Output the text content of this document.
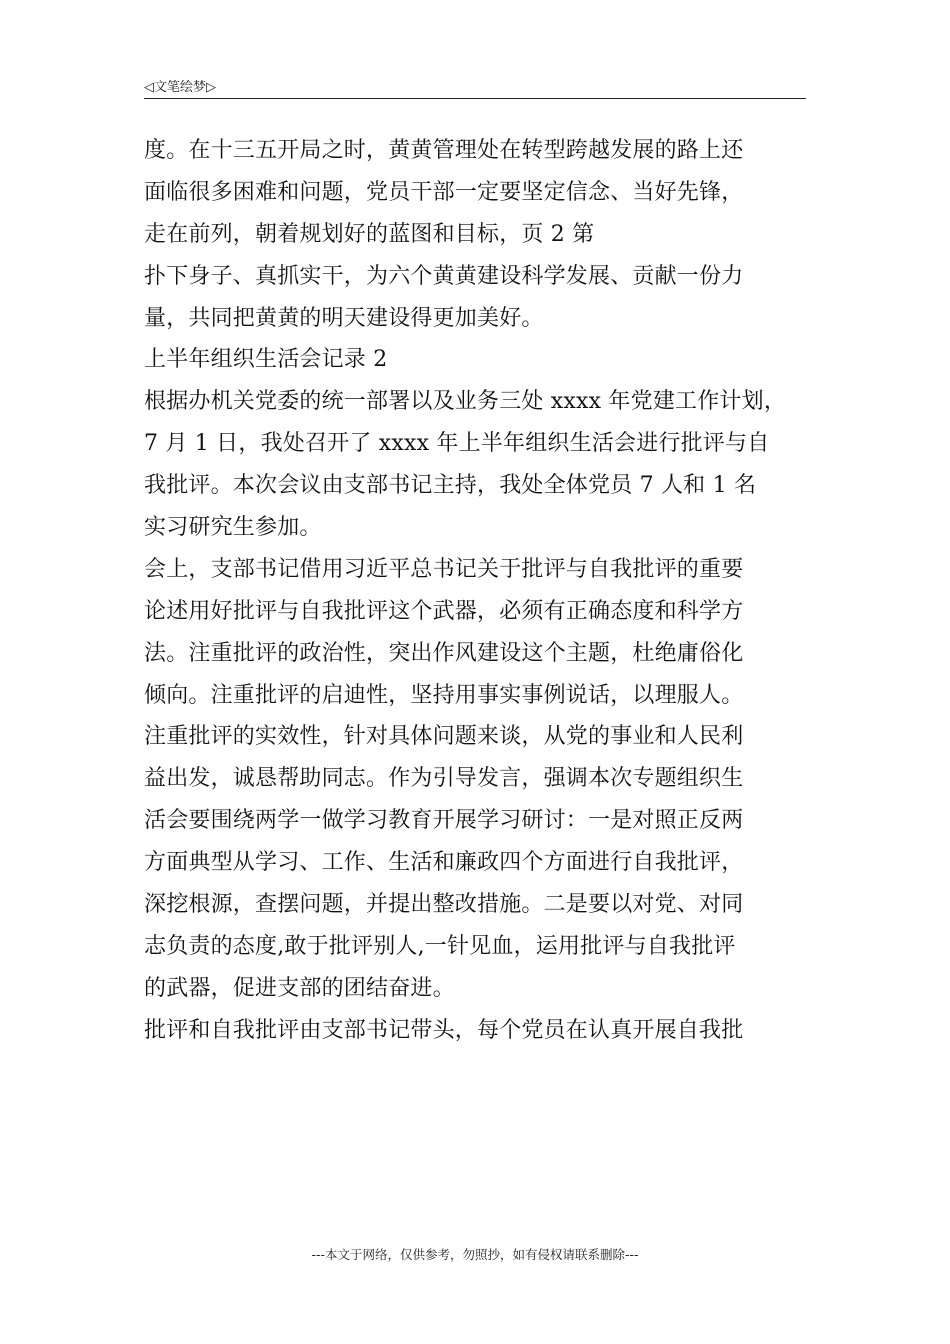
◁文笔绘梦▷
度。在十三五开局之时，黄黄管理处在转型跨越发展的路上还
面临很多困难和问题，党员干部一定要坚定信念、当好先锋，
走在前列，朝着规划好的蓝图和目标，页 2 第
扑下身子、真抓实干，为六个黄黄建设科学发展、贡献一份力
量，共同把黄黄的明天建设得更加美好。
上半年组织生活会记录 2
根据办机关党委的统一部署以及业务三处 xxxx 年党建工作计划，
7 月 1 日，我处召开了 xxxx 年上半年组织生活会进行批评与自
我批评。本次会议由支部书记主持，我处全体党员 7 人和 1 名
实习研究生参加。
会上，支部书记借用习近平总书记关于批评与自我批评的重要
论述用好批评与自我批评这个武器，必须有正确态度和科学方
法。注重批评的政治性，突出作风建设这个主题，杜绝庸俗化
倾向。注重批评的启迪性，坚持用事实事例说话，以理服人。
注重批评的实效性，针对具体问题来谈，从党的事业和人民利
益出发，诚恳帮助同志。作为引导发言，强调本次专题组织生
活会要围绕两学一做学习教育开展学习研讨：一是对照正反两
方面典型从学习、工作、生活和廉政四个方面进行自我批评，
深挖根源，查摆问题，并提出整改措施。二是要以对党、对同
志负责的态度,敢于批评别人,一针见血，运用批评与自我批评
的武器，促进支部的团结奋进。
批评和自我批评由支部书记带头，每个党员在认真开展自我批
---本文于网络，仅供参考，勿照抄，如有侵权请联系删除---
